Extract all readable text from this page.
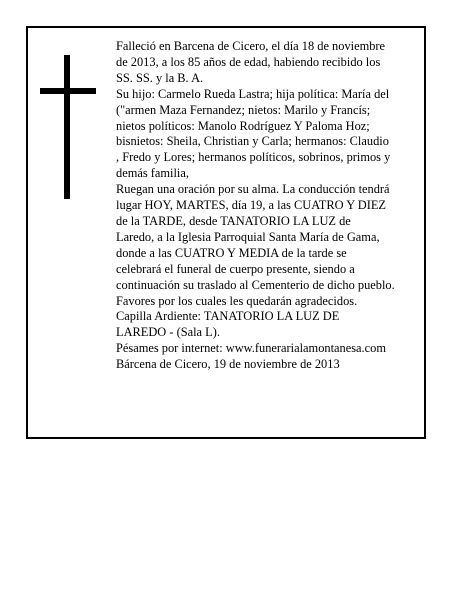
Falleció en Barcena de Cicero, el día 18 de noviembre
de 2013, a los 85 años de edad, habiendo recibido los
SS. SS. y la B. A.
Su hijo: Carmelo Rueda Lastra; hija política: María del
("armen Maza Fernandez; nietos: Marilo y Francís;
nietos políticos: Manolo Rodríguez Y Paloma Hoz;
bisnietos: Sheila, Christian y Carla; hermanos: Claudio
, Fredo y Lores; hermanos políticos, sobrinos, primos y
demás familia,
Ruegan una oración por su alma. La conducción tendrá
lugar HOY, MARTES, día 19, a las CUATRO Y DIEZ
de la TARDE, desde TANATORIO LA LUZ de
Laredo, a la Iglesia Parroquial Santa María de Gama,
donde a las CUATRO Y MEDIA de la tarde se
celebrará el funeral de cuerpo presente, siendo a
continuación su traslado al Cementerio de dicho pueblo.
Favores por los cuales les quedarán agradecidos.
Capilla Ardiente: TANATORIO LA LUZ DE
LAREDO - (Sala L).
Pésames por internet: www.funerarialamontanesa.com
Bárcena de Cicero, 19 de noviembre de 2013
